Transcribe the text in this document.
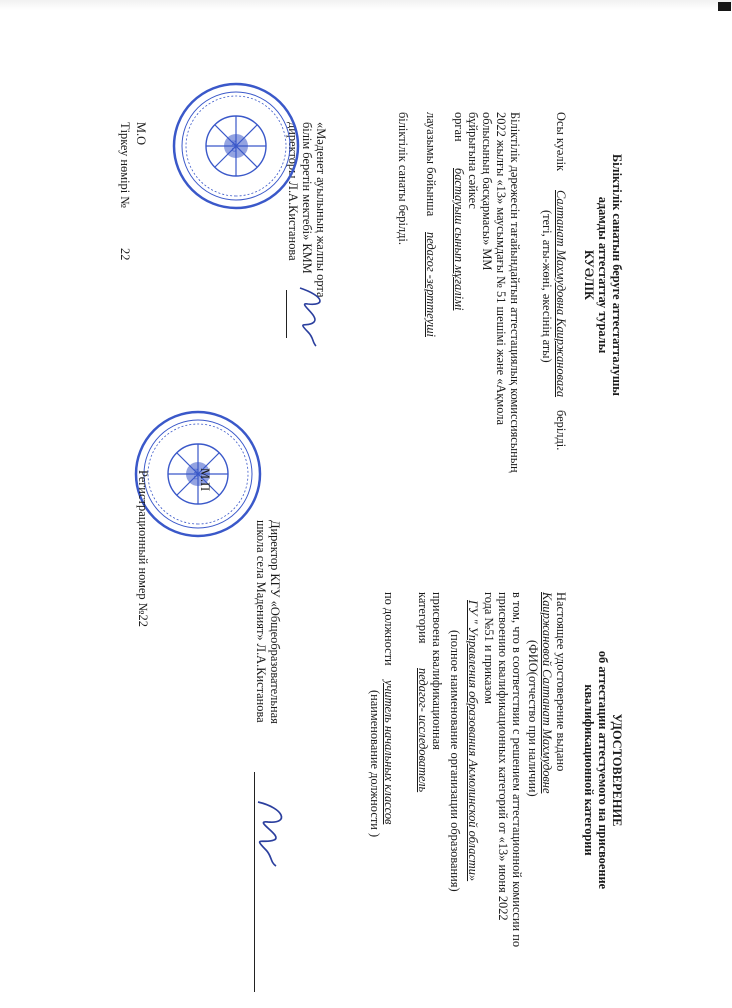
Біліктілік санатын беруге аттестатталушы
адамды аттестаттау туралы
КУӘЛІК
Осы куәлік
Салтанат Махмудовна Каиржановаға
берілді.
(тегі, аты-жөні, әкесінің аты)
Біліктілік дәрежесін тағайындайтын аттестациялық комиссиясының
2022 жылғы «13» маусымдағы № 51 шешімі және «Ақмола
облысының басқармасы» ММ
бұйрығына сәйкес
орган
бастауыш сынып мұғалімі
лауазымы бойынша
педагог -зерттеуші
біліктілік санаты берілді.
«Мәденет ауылының жалпы орта
білім беретін мектебі» КММ
директоры Л.А.Кистанова
М.О
М.О
Тіркеу нөмірі №
22
УДОСТОВЕРЕНИЕ
об аттестации аттестуемого на присвоение
квалификационной категории
Настоящее удостоверение выдано
Каиржановой Салтанат Махмудовне
(ФИО(отчество при наличии)
в том, что в соответствии с решением аттестационной комиссии по
присвоению квалификационных категорий от «13» июня 2022
года №51 и приказом
ГУ " Управления образования Акмолинской области»
(полное наименование организации образования)
присвоена квалификационная
категория
педагог- исследователь
по должности
учитель начальных классов
(наименование должности )
Директор КГУ «Общеобразовательная
школа села Маденият» Л.А.Кистанова
М.П М.П
Регистрационный номер №22
